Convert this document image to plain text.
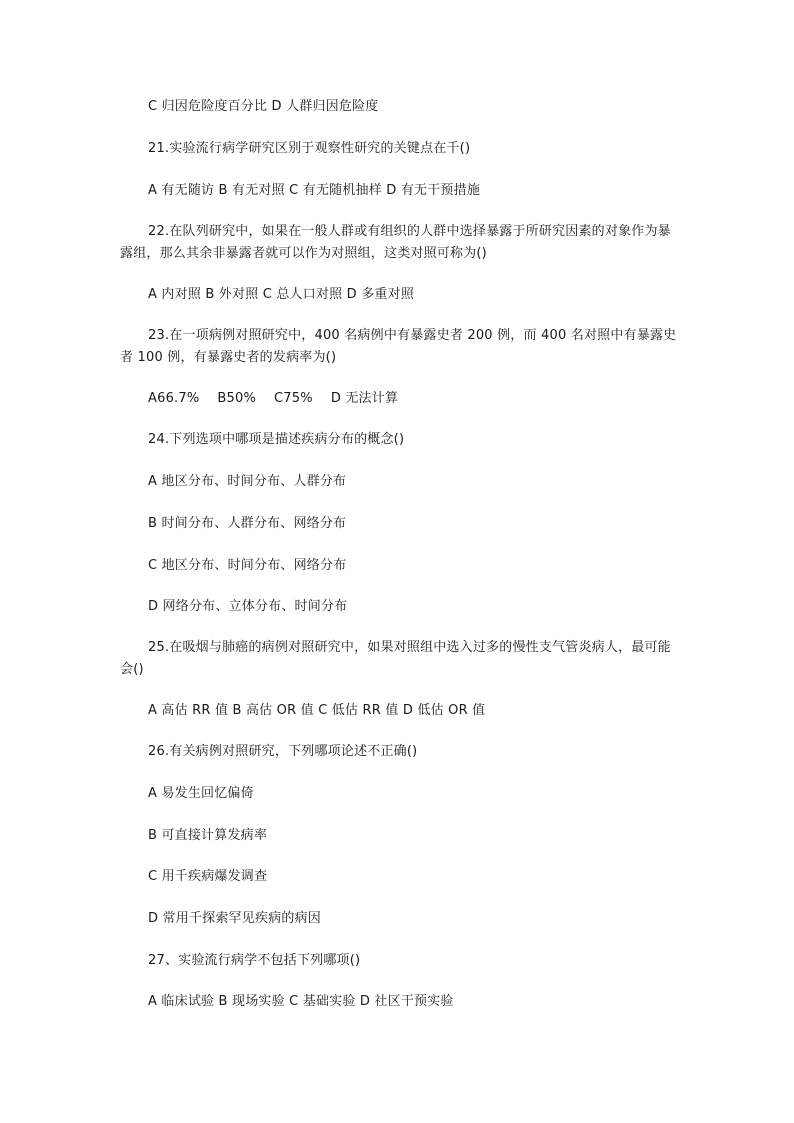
C 归因危险度百分比 D 人群归因危险度
21.实验流行病学研究区别于观察性研究的关键点在千()
A 有无随访 B 有无对照 C 有无随机抽样 D 有无干预措施
22.在队列研究中，如果在一般人群或有组织的人群中选择暴露于所研究因素的对象作为暴露组，那么其余非暴露者就可以作为对照组，这类对照可称为()
A 内对照 B 外对照 C 总人口对照 D 多重对照
23.在一项病例对照研究中，400 名病例中有暴露史者 200 例，而 400 名对照中有暴露史者 100 例，有暴露史者的发病率为()
A66.7% B50% C75% D 无法计算
24.下列选项中哪项是描述疾病分布的概念()
A 地区分布、时间分布、人群分布
B 时间分布、人群分布、网络分布
C 地区分布、时间分布、网络分布
D 网络分布、立体分布、时间分布
25.在吸烟与肺癌的病例对照研究中，如果对照组中选入过多的慢性支气管炎病人，最可能会()
A 高估 RR 值 B 高估 OR 值 C 低估 RR 值 D 低估 OR 值
26.有关病例对照研究，下列哪项论述不正确()
A 易发生回忆偏倚
B 可直接计算发病率
C 用千疾病爆发调查
D 常用千探索罕见疾病的病因
27、实验流行病学不包括下列哪项()
A 临床试验 B 现场实验 C 基础实验 D 社区干预实验
